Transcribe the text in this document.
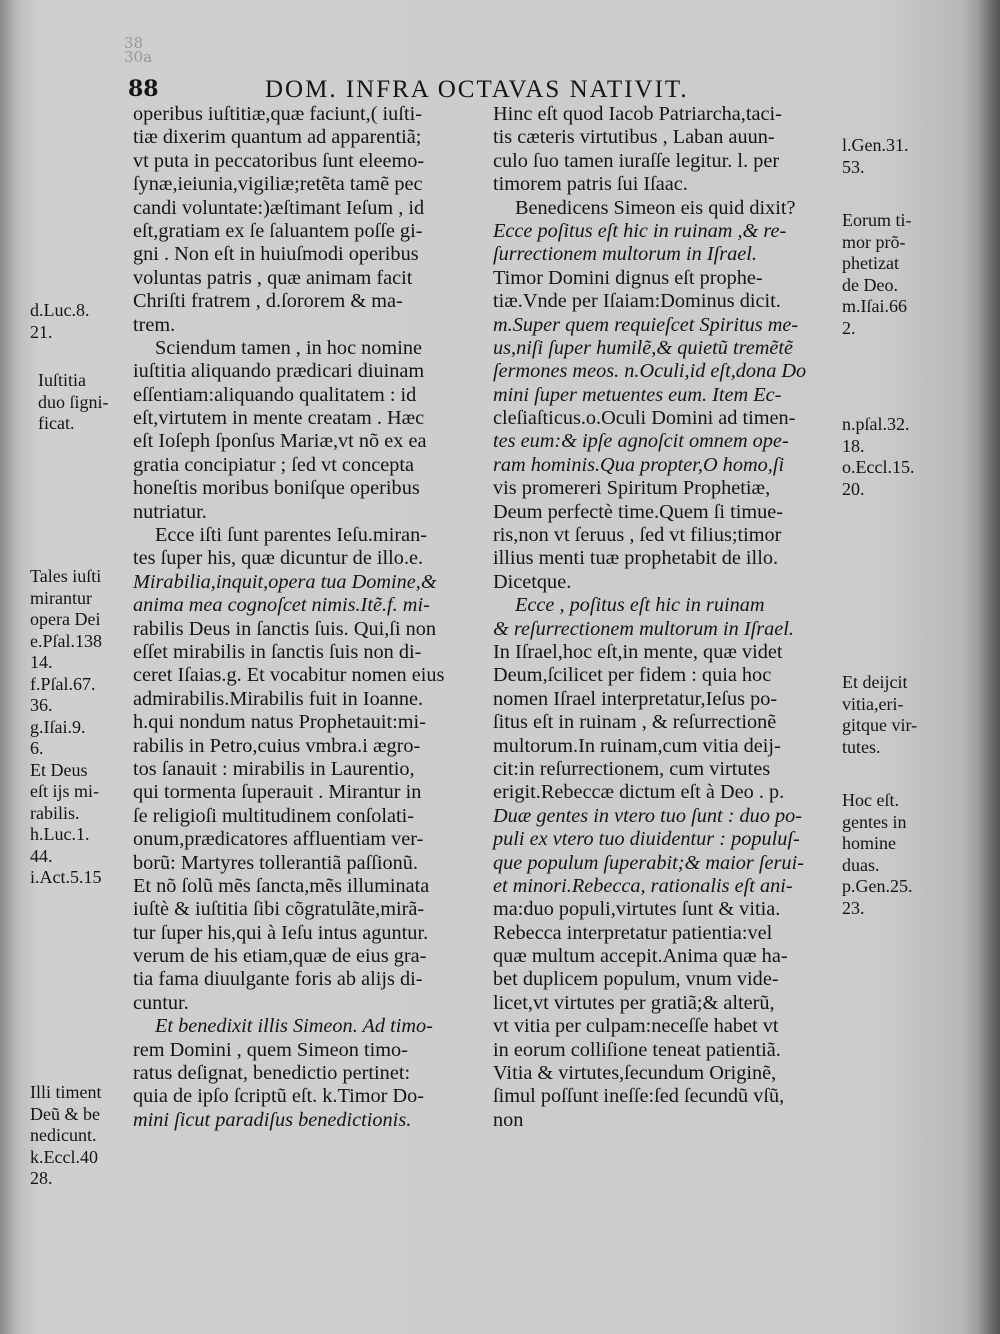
38
30a
88	DOM. INFRA OCTAVAS NATIVIT.
operibus iuſtitiæ,quæ faciunt,( iuſti-
tiæ dixerim quantum ad apparentiã;
vt puta in peccatoribus ſunt eleemo-
ſynæ,ieiunia,vigiliæ;retẽta tamẽ pec
candi voluntate:)æſtimant Ieſum , id
eſt,gratiam ex ſe ſaluantem poſſe gi-
gni . Non eſt in huiuſmodi operibus
voluntas patris , quæ animam facit
Chriſti fratrem , d.ſororem & ma-
trem.
Sciendum tamen , in hoc nomine
iuſtitia aliquando prædicari diuinam
eſſentiam:aliquando qualitatem : id
eſt,virtutem in mente creatam . Hæc
eſt Ioſeph ſponſus Mariæ,vt nõ ex ea
gratia concipiatur ; ſed vt concepta
honeſtis moribus boniſque operibus
nutriatur.
Ecce iſti ſunt parentes Ieſu.miran-
tes ſuper his, quæ dicuntur de illo.e.
Mirabilia,inquit,opera tua Domine,&
anima mea cognoſcet nimis.Itẽ.f. mi-
rabilis Deus in ſanctis ſuis. Qui,ſi non
eſſet mirabilis in ſanctis ſuis non di-
ceret Iſaias.g. Et vocabitur nomen eius
admirabilis.Mirabilis fuit in Ioanne.
h.qui nondum natus Prophetauit:mi-
rabilis in Petro,cuius vmbra.i ægro-
tos ſanauit : mirabilis in Laurentio,
qui tormenta ſuperauit . Mirantur in
ſe religioſi multitudinem conſolati-
onum,prædicatores affluentiam ver-
borũ: Martyres tollerantiã paſſionũ.
Et nõ ſolũ mẽs ſancta,mẽs illuminata
iuſtè & iuſtitia ſibi cõgratulãte,mirã-
tur ſuper his,qui à Ieſu intus aguntur.
verum de his etiam,quæ de eius gra-
tia fama diuulgante foris ab alijs di-
cuntur.
Et benedixit illis Simeon. Ad timo-
rem Domini , quem Simeon timo-
ratus deſignat, benedictio pertinet:
quia de ipſo ſcriptũ eſt. k.Timor Do-
mini ſicut paradiſus benedictionis.
Hinc eſt quod Iacob Patriarcha,taci-
tis cæteris virtutibus , Laban auun-
culo ſuo tamen iuraſſe legitur. l. per
timorem patris ſui Iſaac.
Benedicens Simeon eis quid dixit?
Ecce poſitus eſt hic in ruinam ,& re-
ſurrectionem multorum in Iſrael.
Timor Domini dignus eſt prophe-
tiæ.Vnde per Iſaiam:Dominus dicit.
m.Super quem requieſcet Spiritus me-
us,niſi ſuper humilẽ,& quietũ tremẽtẽ
ſermones meos. n.Oculi,id eſt,dona Do
mini ſuper metuentes eum. Item Ec-
cleſiaſticus.o.Oculi Domini ad timen-
tes eum:& ipſe agnoſcit omnem ope-
ram hominis.Qua propter,O homo,ſi
vis promereri Spiritum Prophetiæ,
Deum perfectè time.Quem ſi timue-
ris,non vt ſeruus , ſed vt filius;timor
illius menti tuæ prophetabit de illo.
Dicetque.
Ecce , poſitus eſt hic in ruinam
& reſurrectionem multorum in Iſrael.
In Iſrael,hoc eſt,in mente, quæ videt
Deum,ſcilicet per fidem : quia hoc
nomen Iſrael interpretatur,Ieſus po-
ſitus eſt in ruinam , & reſurrectionẽ
multorum.In ruinam,cum vitia deij-
cit:in reſurrectionem, cum virtutes
erigit.Rebeccæ dictum eſt à Deo . p.
Duæ gentes in vtero tuo ſunt : duo po-
puli ex vtero tuo diuidentur : populuſ-
que populum ſuperabit;& maior ſerui-
et minori.Rebecca, rationalis eſt ani-
ma:duo populi,virtutes ſunt & vitia.
Rebecca interpretatur patientia:vel
quæ multum accepit.Anima quæ ha-
bet duplicem populum, vnum vide-
licet,vt virtutes per gratiã;& alterũ,
vt vitia per culpam:neceſſe habet vt
in eorum colliſione teneat patientiã.
Vitia & virtutes,ſecundum Originẽ,
ſimul poſſunt ineſſe:ſed ſecundũ vſũ,
non
d.Luc.8.
21.
Iuſtitia
duo ſigni-
ficat.
Tales iuſti
mirantur
opera Dei
e.Pſal.138
14.
f.Pſal.67.
36.
g.Iſai.9.
6.
Et Deus
eſt ijs mi-
rabilis.
h.Luc.1.
44.
i.Act.5.15
Illi timent
Deũ & be
nedicunt.
k.Eccl.40
28.
l.Gen.31.
53.
Eorum ti-
mor prõ-
phetizat
de Deo.
m.Iſai.66
2.
n.pſal.32.
18.
o.Eccl.15.
20.
Et deijcit
vitia,eri-
gitque vir-
tutes.
Hoc eſt.
gentes in
homine
duas.
p.Gen.25.
23.
